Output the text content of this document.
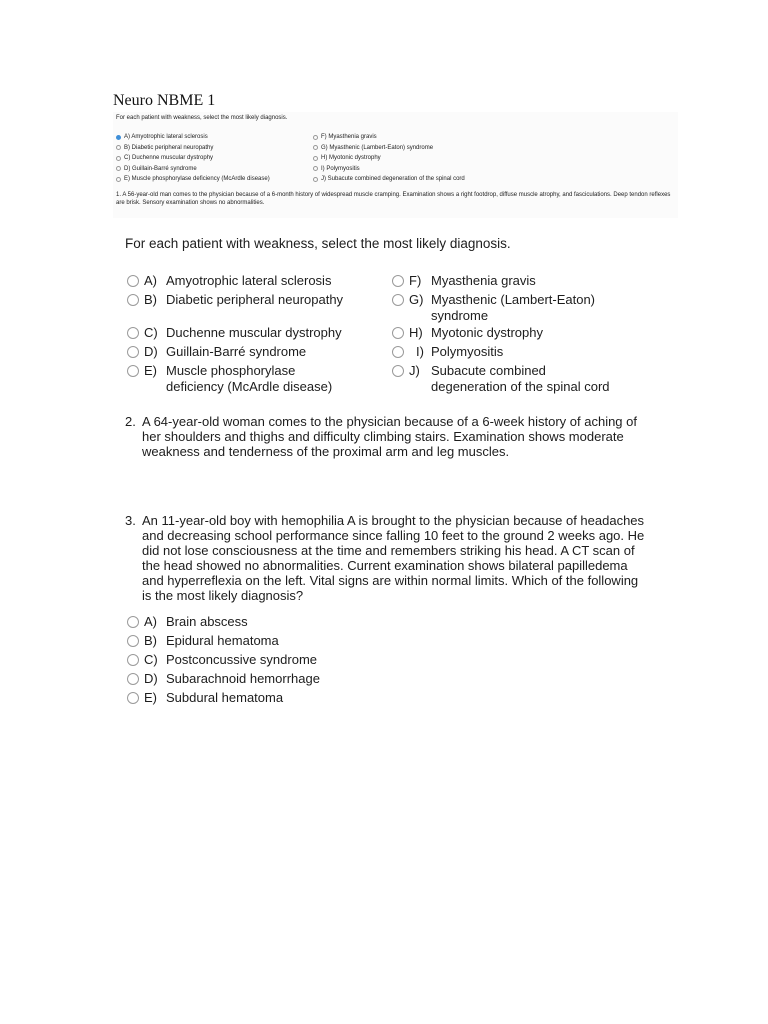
Neuro NBME 1
For each patient with weakness, select the most likely diagnosis.
A) Amyotrophic lateral sclerosis
B) Diabetic peripheral neuropathy
C) Duchenne muscular dystrophy
D) Guillain-Barré syndrome
E) Muscle phosphorylase deficiency (McArdle disease)
F) Myasthenia gravis
G) Myasthenic (Lambert-Eaton) syndrome
H) Myotonic dystrophy
I) Polymyositis
J) Subacute combined degeneration of the spinal cord
1. A 56-year-old man comes to the physician because of a 6-month history of widespread muscle cramping. Examination shows a right footdrop, diffuse muscle atrophy, and fasciculations. Deep tendon reflexes are brisk. Sensory examination shows no abnormalities.
For each patient with weakness, select the most likely diagnosis.
A) Amyotrophic lateral sclerosis
B) Diabetic peripheral neuropathy
C) Duchenne muscular dystrophy
D) Guillain-Barré syndrome
E) Muscle phosphorylase
deficiency (McArdle disease)
F) Myasthenia gravis
G) Myasthenic (Lambert-Eaton)
syndrome
H) Myotonic dystrophy
I) Polymyositis
J) Subacute combined
degeneration of the spinal cord
2. A 64-year-old woman comes to the physician because of a 6-week history of aching of her shoulders and thighs and difficulty climbing stairs. Examination shows moderate weakness and tenderness of the proximal arm and leg muscles.
3. An 11-year-old boy with hemophilia A is brought to the physician because of headaches and decreasing school performance since falling 10 feet to the ground 2 weeks ago. He did not lose consciousness at the time and remembers striking his head. A CT scan of the head showed no abnormalities. Current examination shows bilateral papilledema and hyperreflexia on the left. Vital signs are within normal limits. Which of the following is the most likely diagnosis?
A) Brain abscess
B) Epidural hematoma
C) Postconcussive syndrome
D) Subarachnoid hemorrhage
E) Subdural hematoma
